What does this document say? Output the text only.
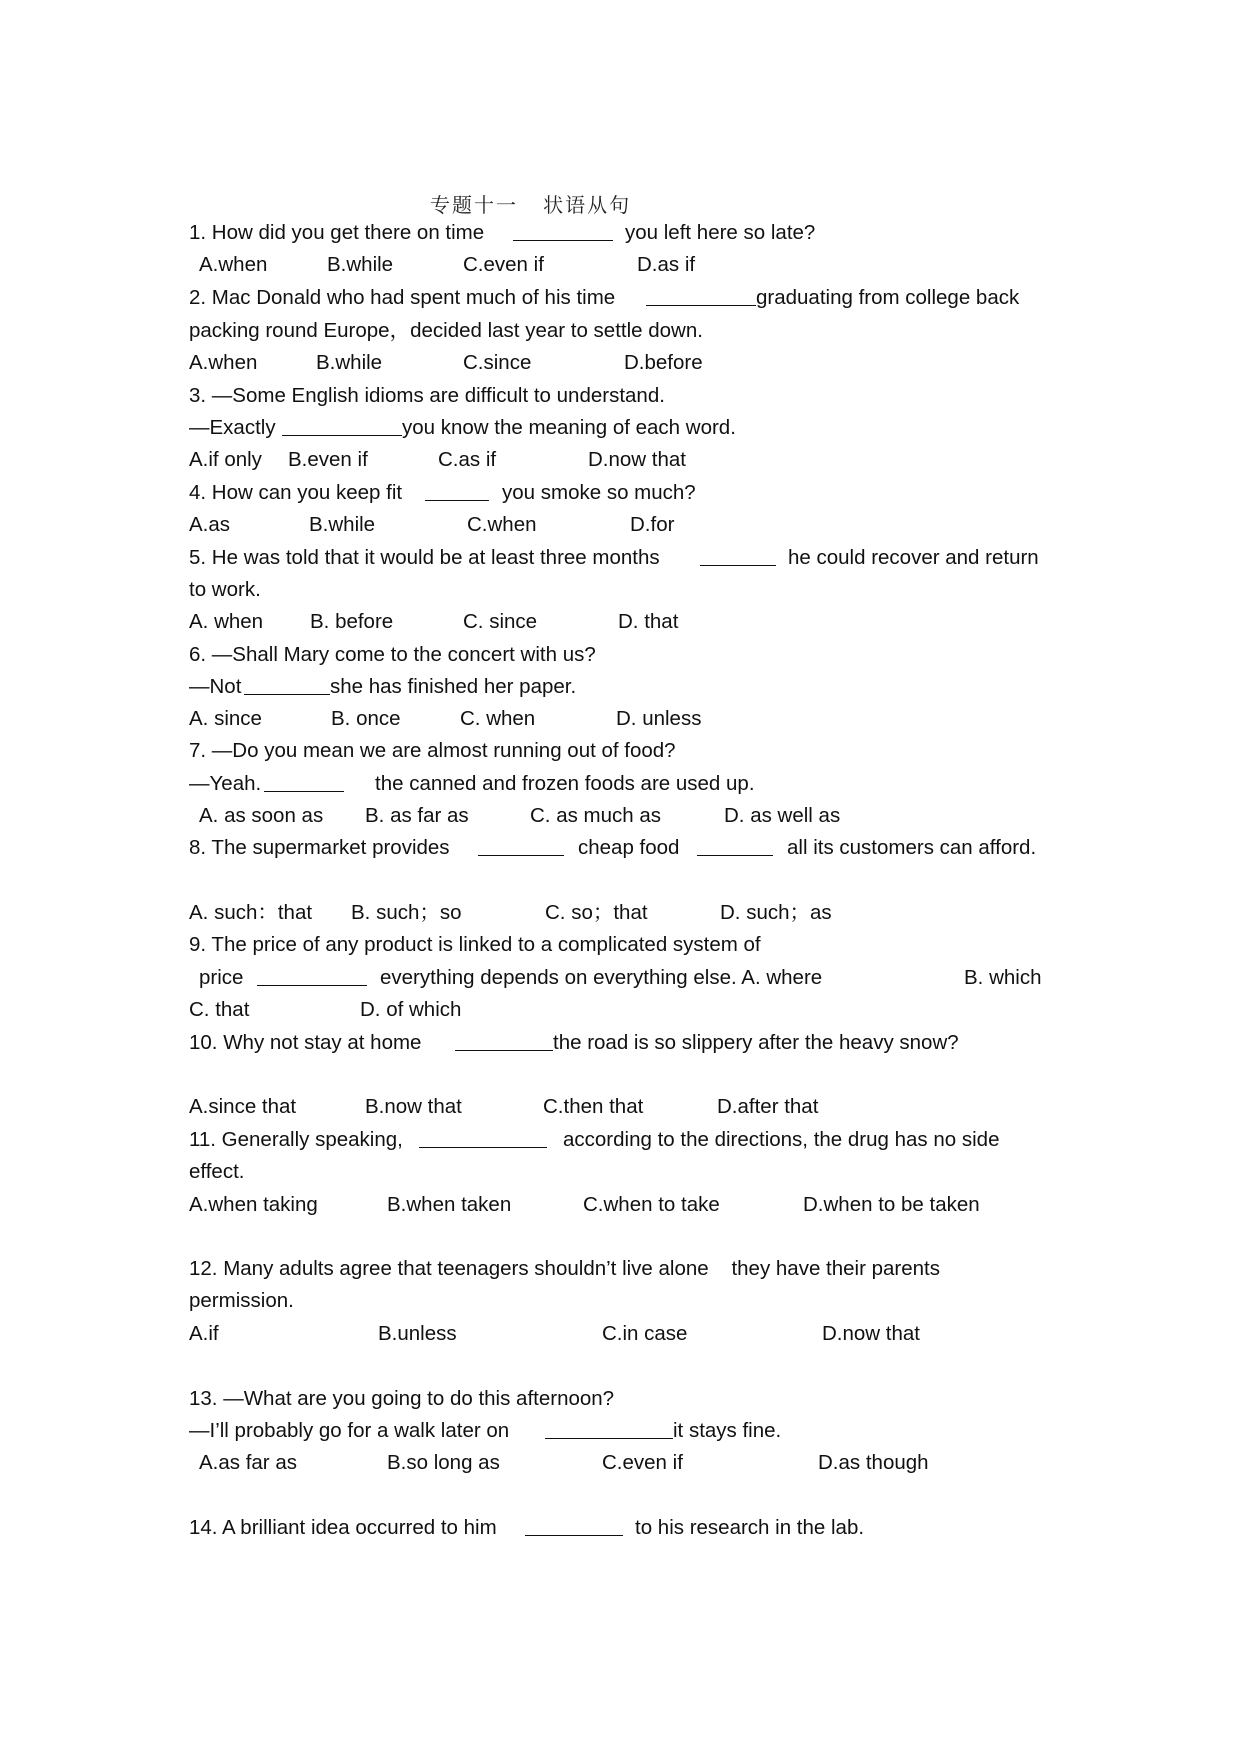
专题十一   状语从句
1. How did you get there on time	you left here so late?
A.when	B.while	C.even if	D.as if
2. Mac Donald who had spent much of his time	graduating from college back
packing round Europe，decided last year to settle down.
A.when	B.while	C.since	D.before
3. —Some English idioms are difficult to understand.
—Exactly	you know the meaning of each word.
A.if only B.even if	C.as if	D.now that
4. How can you keep fit	you smoke so much?
A.as	B.while	C.when	D.for
5. He was told that it would be at least three months	he could recover and return
to work.
A. when B. before	C. since	D. that
6. —Shall Mary come to the concert with us?
—Not	she has finished her paper.
A. since	B. once	C. when	D. unless
7. —Do you mean we are almost running out of food?
—Yeah.	the canned and frozen foods are used up.
A. as soon as B. as far as	C. as much as	D. as well as
8. The supermarket provides	cheap food	all its customers can afford.
A. such：that B. such；so	C. so；that	D. such；as
9. The price of any product is linked to a complicated system of
price	everything depends on everything else. A. where	B. which
C. that	D. of which
10. Why not stay at home	the road is so slippery after the heavy snow?
A.since that	B.now that	C.then that	D.after that
11. Generally speaking,	according to the directions, the drug has no side
effect.
A.when taking	B.when taken	C.when to take	D.when to be taken
12. Many adults agree that teenagers shouldn’t live alone    they have their parents
permission.
A.if	B.unless	C.in case	D.now that
13. —What are you going to do this afternoon?
—I’ll probably go for a walk later on	it stays fine.
A.as far as	B.so long as	C.even if	D.as though
14. A brilliant idea occurred to him	to his research in the lab.
